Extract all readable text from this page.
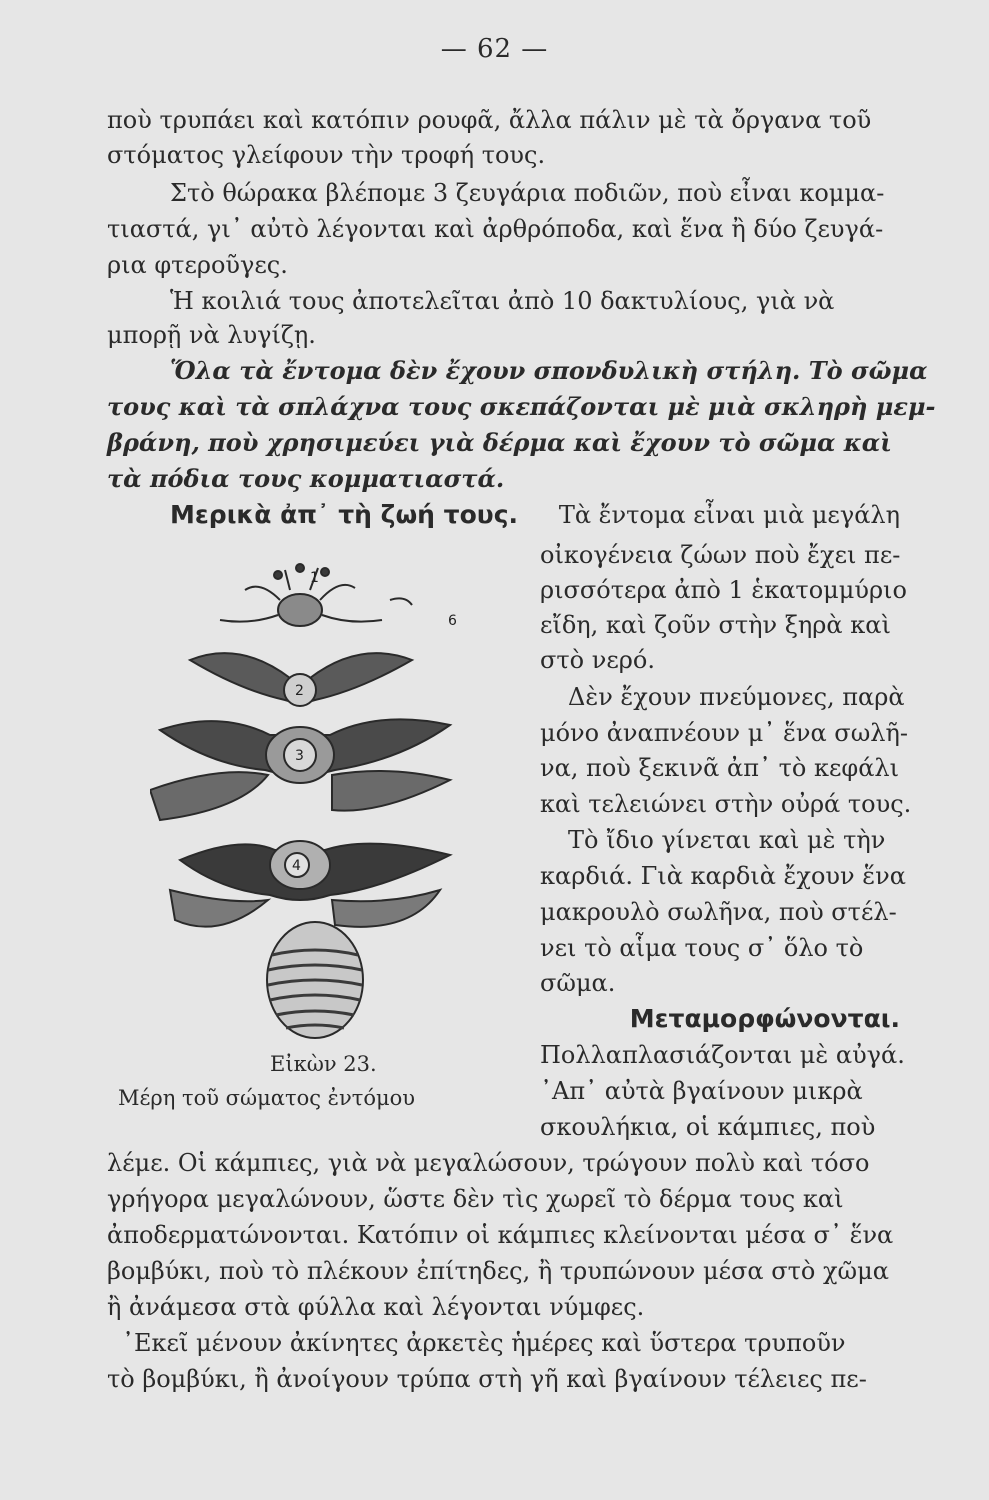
— 62 —
ποὺ τρυπάει καὶ κατόπιν ρουφᾶ, ἄλλα πάλιν μὲ τὰ ὄργανα τοῦ
στόματος γλείφουν τὴν τροφή τους.
Στὸ θώρακα βλέπομε 3 ζευγάρια ποδιῶν, ποὺ εἶναι κομμα-
τιαστά, γι᾽ αὐτὸ λέγονται καὶ ἀρθρόποδα, καὶ ἕνα ἢ δύο ζευγά-
ρια φτεροῦγες.
Ἡ κοιλιά τους ἀποτελεῖται ἀπὸ 10 δακτυλίους, γιὰ νὰ
μπορῇ νὰ λυγίζῃ.
Ὅλα τὰ ἔντομα δὲν ἔχουν σπονδυλικὴ στήλη. Τὸ σῶμα
τους καὶ τὰ σπλάχνα τους σκεπάζονται μὲ μιὰ σκληρὴ μεμ-
βράνη, ποὺ χρησιμεύει γιὰ δέρμα καὶ ἔχουν τὸ σῶμα καὶ
τὰ πόδια τους κομματιαστά.
Μερικὰ ἀπ᾽ τὴ ζωή τους. Τὰ ἔντομα εἶναι μιὰ μεγάλη
οἰκογένεια ζώων ποὺ ἔχει πε-
ρισσότερα ἀπὸ 1 ἑκατομμύριο
εἴδη, καὶ ζοῦν στὴν ξηρὰ καὶ
στὸ νερό.
Δὲν ἔχουν πνεύμονες, παρὰ
μόνο ἀναπνέουν μ᾽ ἕνα σωλῆ-
να, ποὺ ξεκινᾶ ἀπ᾽ τὸ κεφάλι
καὶ τελειώνει στὴν οὐρά τους.
Τὸ ἴδιο γίνεται καὶ μὲ τὴν
καρδιά. Γιὰ καρδιὰ ἔχουν ἕνα
μακρουλὸ σωλῆνα, ποὺ στέλ-
νει τὸ αἷμα τους σ᾽ ὅλο τὸ
σῶμα.
Μεταμορφώνονται.
Πολλαπλασιάζονται μὲ αὐγά.
᾽Απ᾽ αὐτὰ βγαίνουν μικρὰ
σκουλήκια, οἱ κάμπιες, ποὺ
1
2
3
4
6
Εἰκὼν 23.
Μέρη τοῦ σώματος ἐντόμου
λέμε. Οἱ κάμπιες, γιὰ νὰ μεγαλώσουν, τρώγουν πολὺ καὶ τόσο
γρήγορα μεγαλώνουν, ὥστε δὲν τὶς χωρεῖ τὸ δέρμα τους καὶ
ἀποδερματώνονται. Κατόπιν οἱ κάμπιες κλείνονται μέσα σ᾽ ἕνα
βομβύκι, ποὺ τὸ πλέκουν ἐπίτηδες, ἢ τρυπώνουν μέσα στὸ χῶμα
ἢ ἀνάμεσα στὰ φύλλα καὶ λέγονται νύμφες.
᾽Εκεῖ μένουν ἀκίνητες ἀρκετὲς ἡμέρες καὶ ὕστερα τρυποῦν
τὸ βομβύκι, ἢ ἀνοίγουν τρύπα στὴ γῆ καὶ βγαίνουν τέλειες πε-
